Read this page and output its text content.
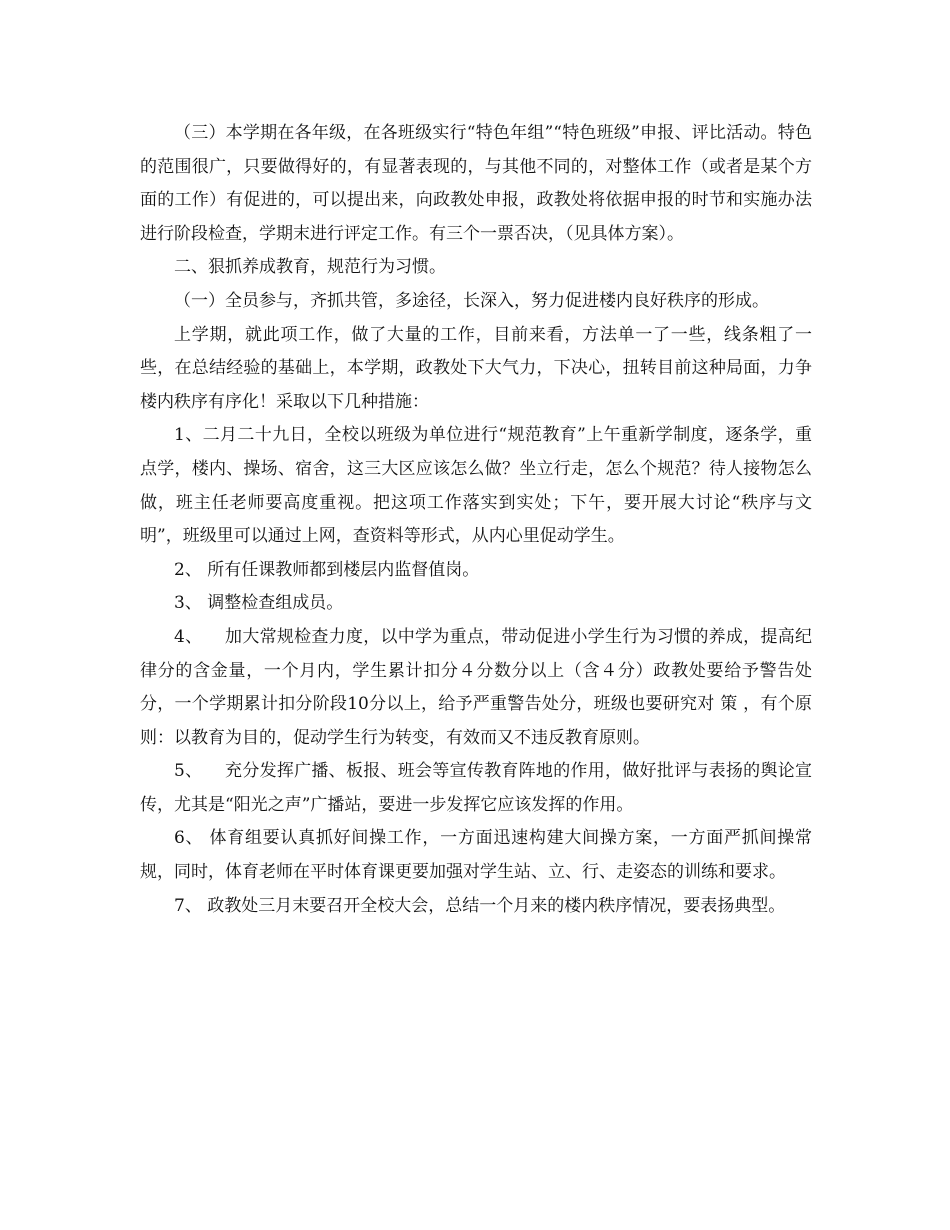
（三）本学期在各年级，在各班级实行“特色年组”“特色班级”申报、评比活动。特色的范围很广，只要做得好的，有显著表现的，与其他不同的，对整体工作（或者是某个方面的工作）有促进的，可以提出来，向政教处申报，政教处将依据申报的时节和实施办法进行阶段检查，学期末进行评定工作。有三个一票否决，（见具体方案）。

二、狠抓养成教育，规范行为习惯。

（一）全员参与，齐抓共管，多途径，长深入，努力促进楼内良好秩序的形成。

上学期，就此项工作，做了大量的工作，目前来看，方法单一了一些，线条粗了一些，在总结经验的基础上，本学期，政教处下大气力，下决心，扭转目前这种局面，力争楼内秩序有序化！采取以下几种措施：

1、二月二十九日，全校以班级为单位进行“规范教育”上午重新学制度，逐条学，重点学，楼内、操场、宿舍，这三大区应该怎么做？坐立行走，怎么个规范？待人接物怎么做，班主任老师要高度重视。把这项工作落实到实处；下午，要开展大讨论“秩序与文明”，班级里可以通过上网，查资料等形式，从内心里促动学生。

2、 所有任课教师都到楼层内监督值岗。

3、 调整检查组成员。

4、    加大常规检查力度，以中学为重点，带动促进小学生行为习惯的养成，提高纪律分的含金量，一个月内，学生累计扣分４分数分以上（含４分）政教处要给予警告处分，一个学期累计扣分阶段10分以上，给予严重警告处分，班级也要研究对 策 ，有个原则：以教育为目的，促动学生行为转变，有效而又不违反教育原则。

5、    充分发挥广播、板报、班会等宣传教育阵地的作用，做好批评与表扬的舆论宣传，尤其是“阳光之声”广播站，要进一步发挥它应该发挥的作用。

6、 体育组要认真抓好间操工作，一方面迅速构建大间操方案，一方面严抓间操常规，同时，体育老师在平时体育课更要加强对学生站、立、行、走姿态的训练和要求。

7、 政教处三月末要召开全校大会，总结一个月来的楼内秩序情况，要表扬典型。
